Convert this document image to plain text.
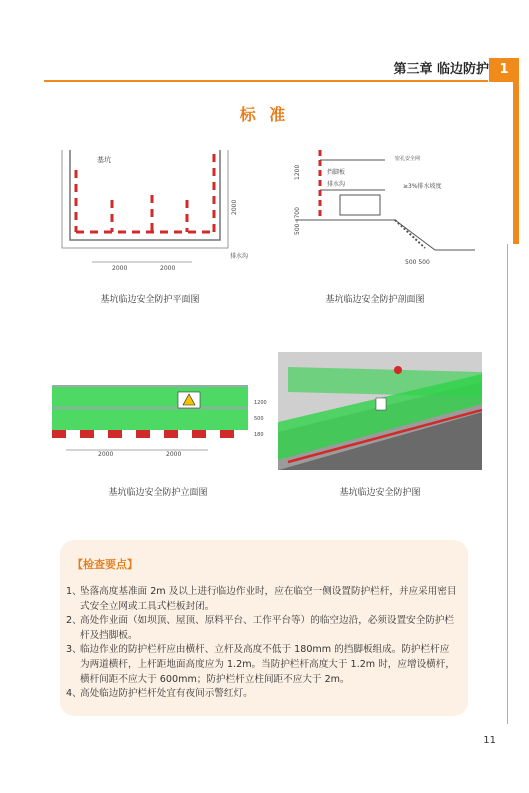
第三章 临边防护 1
标 准
基坑
2000	2000
2000
排水沟
基坑临边安全防护平面图
1200
500~700
挡脚板
排水沟
密孔安全网
≥3%排水坡度
500 500
基坑临边安全防护剖面图
2000	2000
1200
500
180
基坑临边安全防护立面图	基坑临边安全防护图
【检查要点】
1、
坠落高度基准面 2m 及以上进行临边作业时，应在临空一侧设置防护栏杆，并应采用密目式安全立网或工具式栏板封闭。
2、
高处作业面（如坝顶、屋顶、原料平台、工作平台等）的临空边沿，必须设置安全防护栏杆及挡脚板。
3、
临边作业的防护栏杆应由横杆、立杆及高度不低于 180mm 的挡脚板组成。防护栏杆应为两道横杆，上杆距地面高度应为 1.2m。当防护栏杆高度大于 1.2m 时，应增设横杆，横杆间距不应大于 600mm；防护栏杆立柱间距不应大于 2m。
4、
高处临边防护栏杆处宜有夜间示警红灯。
11
